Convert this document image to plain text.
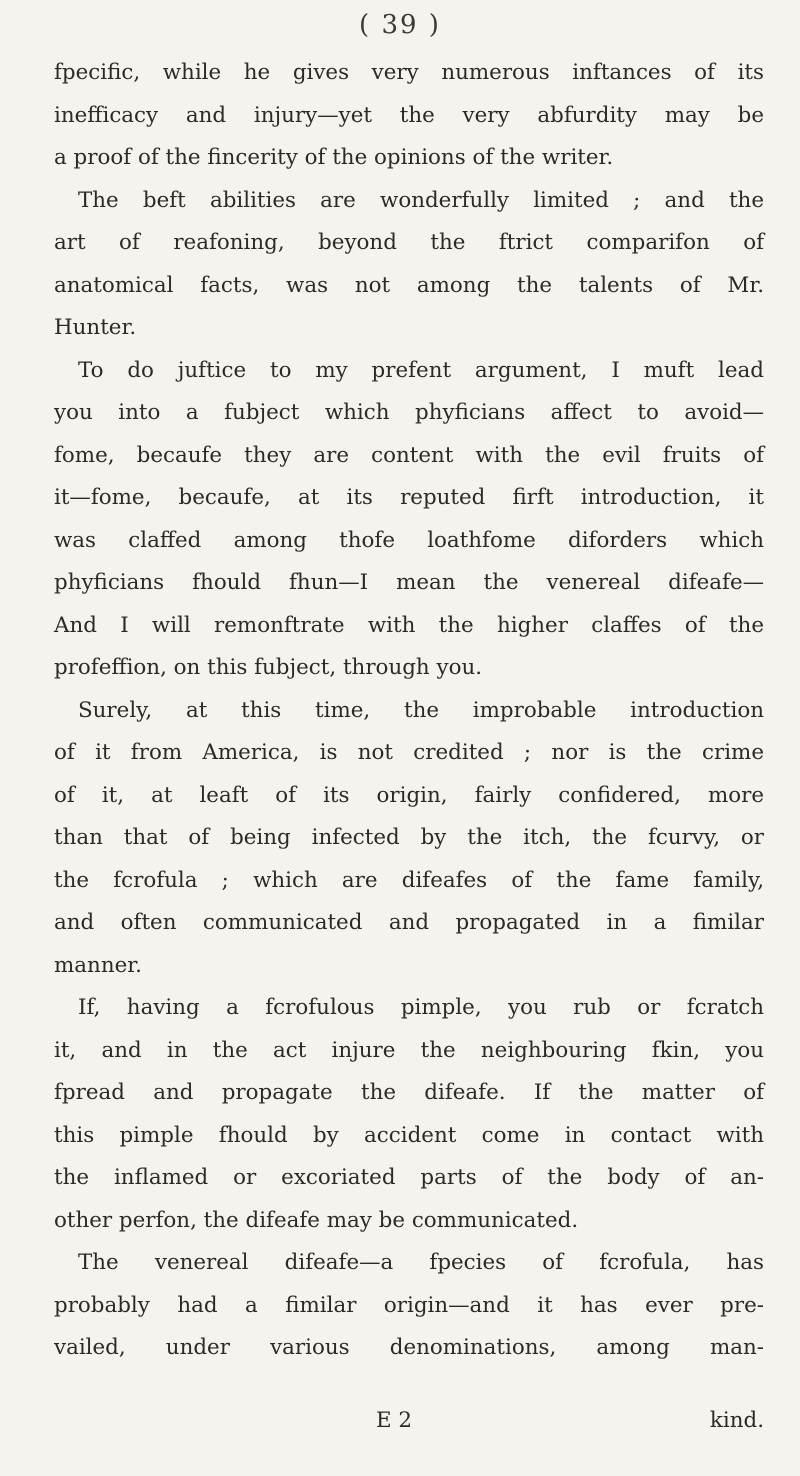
( 39 )
fpecific, while he gives very numerous inftances of its
inefficacy and injury—yet the very abfurdity may be
a proof of the fincerity of the opinions of the writer.
The beft abilities are wonderfully limited ; and the
art of reafoning, beyond the ftrict comparifon of
anatomical facts, was not among the talents of Mr.
Hunter.
To do juftice to my prefent argument, I muft lead
you into a fubject which phyficians affect to avoid—
fome, becaufe they are content with the evil fruits of
it—fome, becaufe, at its reputed firft introduction, it
was claffed among thofe loathfome diforders which
phyficians fhould fhun—I mean the venereal difeafe—
And I will remonftrate with the higher claffes of the
profeffion, on this fubject, through you.
Surely, at this time, the improbable introduction
of it from America, is not credited ; nor is the crime
of it, at leaft of its origin, fairly confidered, more
than that of being infected by the itch, the fcurvy, or
the fcrofula ; which are difeafes of the fame family,
and often communicated and propagated in a fimilar
manner.
If, having a fcrofulous pimple, you rub or fcratch
it, and in the act injure the neighbouring fkin, you
fpread and propagate the difeafe. If the matter of
this pimple fhould by accident come in contact with
the inflamed or excoriated parts of the body of an-
other perfon, the difeafe may be communicated.
The venereal difeafe—a fpecies of fcrofula, has
probably had a fimilar origin—and it has ever pre-
vailed, under various denominations, among man-
E 2	kind.
